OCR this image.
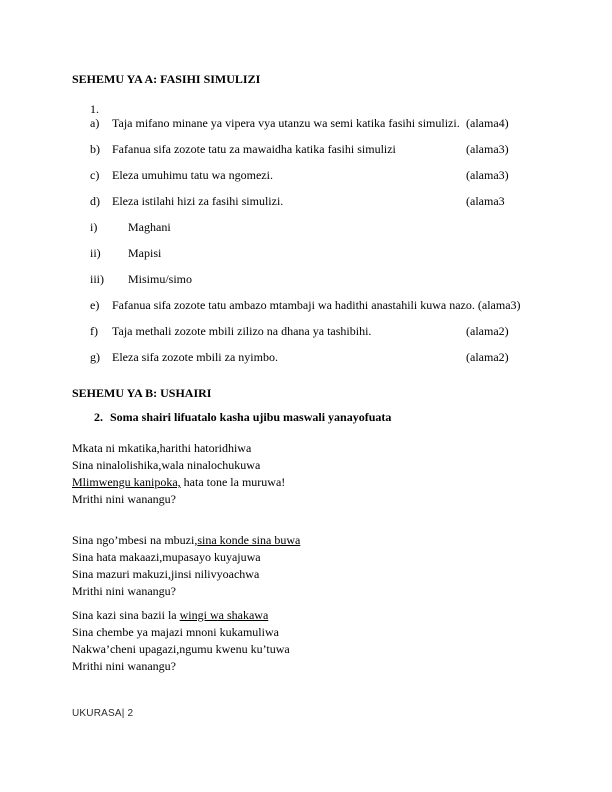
SEHEMU YA A: FASIHI SIMULIZI
1.
a)	Taja mifano minane ya vipera vya utanzu wa semi katika fasihi simulizi. (alama4)
b)	Fafanua sifa zozote tatu za mawaidha katika fasihi simulizi	(alama3)
c)	Eleza umuhimu tatu wa ngomezi.	(alama3)
d)	Eleza istilahi hizi za fasihi simulizi.	(alama3
i)	Maghani
ii)	Mapisi
iii)	Misimu/simo
e)	Fafanua sifa zozote tatu ambazo mtambaji wa hadithi anastahili kuwa nazo. (alama3)
f)	Taja methali zozote mbili zilizo na dhana ya tashibihi.	(alama2)
g)	Eleza sifa zozote mbili za nyimbo.	(alama2)
SEHEMU YA B: USHAIRI
2. Soma shairi lifuatalo kasha ujibu maswali yanayofuata
Mkata ni mkatika,harithi hatoridhiwa
Sina ninalolishika,wala ninalochukuwa
Mlimwengu kanipoka, hata tone la muruwa!
Mrithi nini wanangu?
Sina ngo’mbesi na mbuzi,sina konde sina buwa
Sina hata makaazi,mupasayo kuyajuwa
Sina mazuri makuzi,jinsi nilivyoachwa
Mrithi nini wanangu?
Sina kazi sina bazii la wingi wa shakawa
Sina chembe ya majazi mnoni kukamuliwa
Nakwa’cheni upagazi,ngumu kwenu ku’tuwa
Mrithi nini wanangu?
UKURASA| 2
